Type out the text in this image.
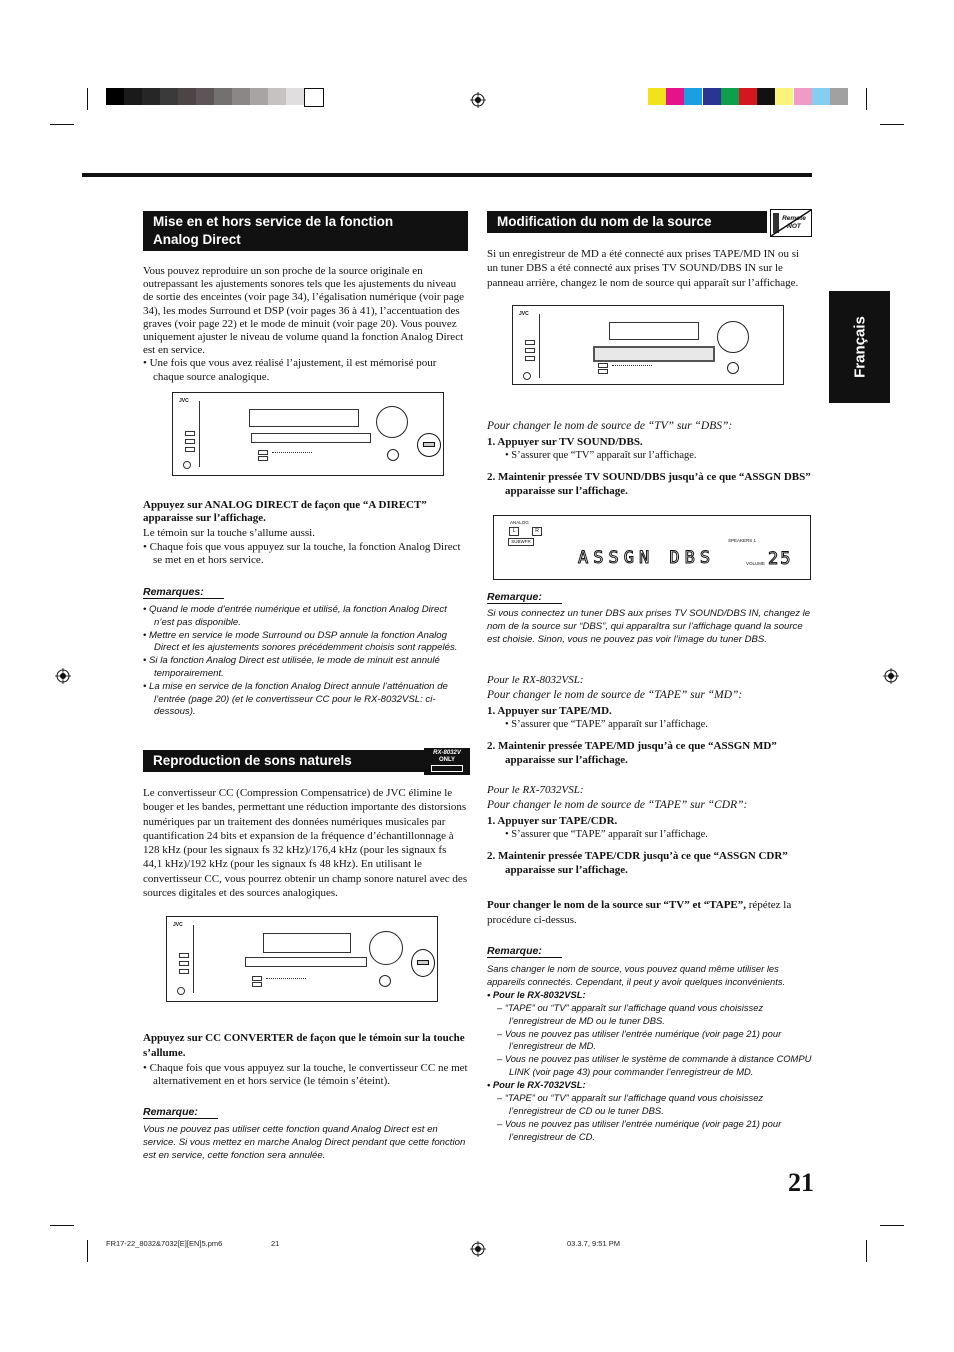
Français
Mise en et hors service de la fonction
Analog Direct
Vous pouvez reproduire un son proche de la source originale en outrepassant les ajustements sonores tels que les ajustements du niveau de sortie des enceintes (voir page 34), l’égalisation numérique (voir page 34), les modes Surround et DSP (voir pages 36 à 41), l’accentuation des graves (voir page 22) et le mode de minuit (voir page 20). Vous pouvez uniquement ajuster le niveau de volume quand la fonction Analog Direct est en service.
• Une fois que vous avez réalisé l’ajustement, il est mémorisé pour chaque source analogique.
JVC
Appuyez sur ANALOG DIRECT de façon que “A DIRECT” apparaisse sur l’affichage.
Le témoin sur la touche s’allume aussi.
• Chaque fois que vous appuyez sur la touche, la fonction Analog Direct se met en et hors service.
Remarques:
• Quand le mode d’entrée numérique et utilisé, la fonction Analog Direct n’est pas disponible.
• Mettre en service le mode Surround ou DSP annule la fonction Analog Direct et les ajustements sonores précédemment choisis sont rappelés.
• Si la fonction Analog Direct est utilisée, le mode de minuit est annulé temporairement.
• La mise en service de la fonction Analog Direct annule l’atténuation de l’entrée (page 20) (et le convertisseur CC pour le RX-8032VSL: ci-dessous).
Reproduction de sons naturels	RX-8032V
ONLY
Le convertisseur CC (Compression Compensatrice) de JVC élimine le bouger et les bandes, permettant une réduction importante des distorsions numériques par un traitement des données numériques musicales par quantification 24 bits et expansion de la fréquence d’échantillonnage à 128 kHz (pour les signaux fs 32 kHz)/176,4 kHz (pour les signaux fs 44,1 kHz)/192 kHz (pour les signaux fs 48 kHz). En utilisant le convertisseur CC, vous pourrez obtenir un champ sonore naturel avec des sources digitales et des sources analogiques.
JVC
Appuyez sur CC CONVERTER de façon que le témoin sur la touche s’allume.
• Chaque fois que vous appuyez sur la touche, le convertisseur CC ne met alternativement en et hors service (le témoin s’éteint).
Remarque:
Vous ne pouvez pas utiliser cette fonction quand Analog Direct est en service. Si vous mettez en marche Analog Direct pendant que cette fonction est en service, cette fonction sera annulée.
Modification du nom de la source	Remote
NOT
Si un enregistreur de MD a été connecté aux prises TAPE/MD IN ou si un tuner DBS a été connecté aux prises TV SOUND/DBS IN sur le panneau arrière, changez le nom de source qui apparaît sur l’affichage.
JVC
Pour changer le nom de source de “TV” sur “DBS”:
1. Appuyer sur TV SOUND/DBS.
• S’assurer que “TV” apparaît sur l’affichage.
2. Maintenir pressée TV SOUND/DBS jusqu’à ce que “ASSGN DBS” apparaisse sur l’affichage.
ANALOG
L	R
SUBWFR	SPEAKERS 1
ASSGN DBS	VOLUME 25
Remarque:
Si vous connectez un tuner DBS aux prises TV SOUND/DBS IN, changez le nom de la source sur “DBS”, qui apparaîtra sur l’affichage quand la source est choisie. Sinon, vous ne pouvez pas voir l’image du tuner DBS.
Pour le RX-8032VSL:
Pour changer le nom de source de “TAPE” sur “MD”:
1. Appuyer sur TAPE/MD.
• S’assurer que “TAPE” apparaît sur l’affichage.
2. Maintenir pressée TAPE/MD jusqu’à ce que “ASSGN MD” apparaisse sur l’affichage.
Pour le RX-7032VSL:
Pour changer le nom de source de “TAPE” sur “CDR”:
1. Appuyer sur TAPE/CDR.
• S’assurer que “TAPE” apparaît sur l’affichage.
2. Maintenir pressée TAPE/CDR jusqu’à ce que “ASSGN CDR” apparaisse sur l’affichage.
Pour changer le nom de la source sur “TV” et “TAPE”, répétez la procédure ci-dessus.
Remarque:
Sans changer le nom de source, vous pouvez quand même utiliser les appareils connectés. Cependant, il peut y avoir quelques inconvénients.
• Pour le RX-8032VSL:
– “TAPE” ou “TV” apparaît sur l’affichage quand vous choisissez l’enregistreur de MD ou le tuner DBS.
– Vous ne pouvez pas utiliser l’entrée numérique (voir page 21) pour l’enregistreur de MD.
– Vous ne pouvez pas utiliser le système de commande à distance COMPU LINK (voir page 43) pour commander l’enregistreur de MD.
• Pour le RX-7032VSL:
– “TAPE” ou “TV” apparaît sur l’affichage quand vous choisissez l’enregistreur de CD ou le tuner DBS.
– Vous ne pouvez pas utiliser l’entrée numérique (voir page 21) pour l’enregistreur de CD.
21
FR17-22_8032&7032[E][EN]5.pm6	21	03.3.7, 9:51 PM
